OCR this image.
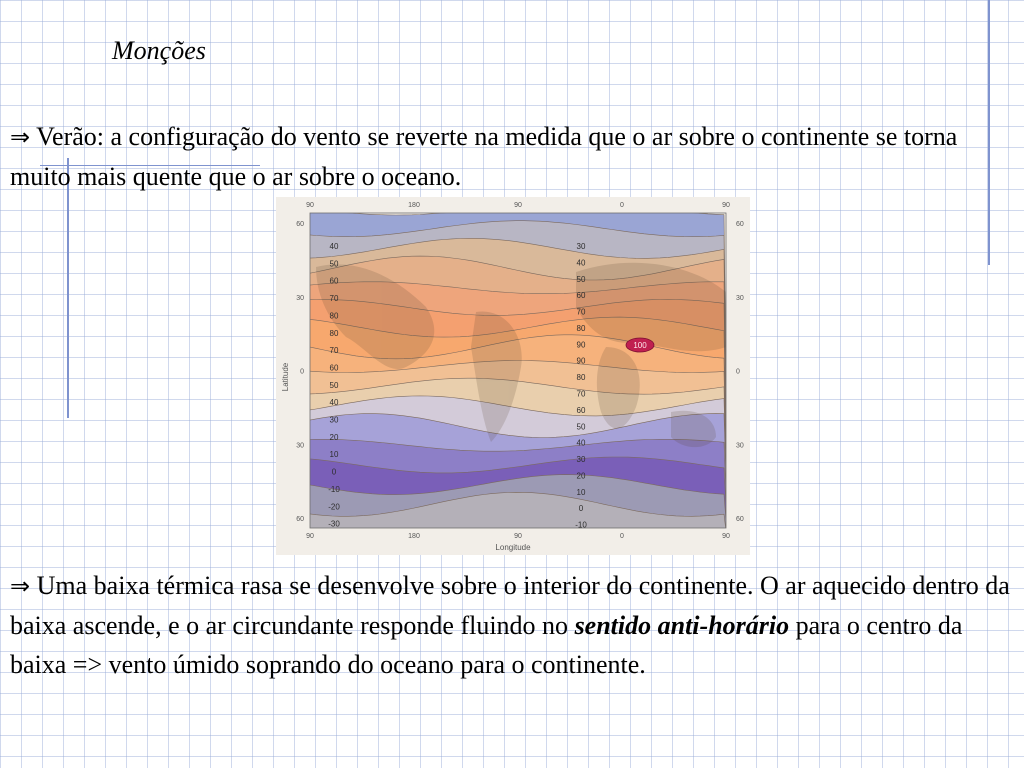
Monções
⇒ Verão: a configuração do vento se reverte na medida que o ar sobre o continente se torna muito mais quente que o ar sobre o oceano.
90	180	90	0	90
90	180	90	0	90
60
30
0
30
60
60
30
0
30
60
40
50
60
70
80
80
70
60
50
40
30
20
10
0
-10
-20
-30
30
40
50
60
70
80
90
90
80
70
60
50
40
30
20
10
0
-10
100
Longitude
Latitude
⇒ Uma baixa térmica rasa se desenvolve sobre o interior do continente. O ar aquecido dentro da baixa ascende, e o ar circundante responde fluindo no sentido anti-horário para o centro da baixa => vento úmido soprando do oceano para o continente.
